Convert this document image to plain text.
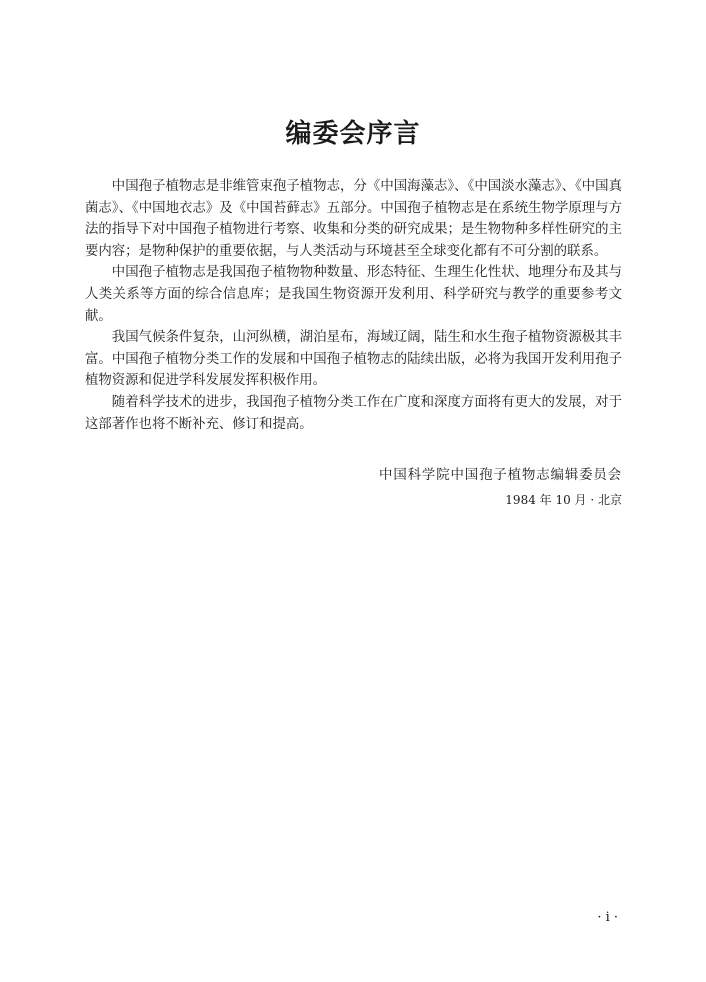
编委会序言

中国孢子植物志是非维管束孢子植物志，分《中国海藻志》、《中国淡水藻志》、《中国真菌志》、《中国地衣志》及《中国苔藓志》五部分。中国孢子植物志是在系统生物学原理与方法的指导下对中国孢子植物进行考察、收集和分类的研究成果；是生物物种多样性研究的主要内容；是物种保护的重要依据，与人类活动与环境甚至全球变化都有不可分割的联系。

中国孢子植物志是我国孢子植物物种数量、形态特征、生理生化性状、地理分布及其与人类关系等方面的综合信息库；是我国生物资源开发利用、科学研究与教学的重要参考文献。

我国气候条件复杂，山河纵横，湖泊星布，海域辽阔，陆生和水生孢子植物资源极其丰富。中国孢子植物分类工作的发展和中国孢子植物志的陆续出版，必将为我国开发利用孢子植物资源和促进学科发展发挥积极作用。

随着科学技术的进步，我国孢子植物分类工作在广度和深度方面将有更大的发展，对于这部著作也将不断补充、修订和提高。

中国科学院中国孢子植物志编辑委员会
1984 年 10 月 · 北京
· i ·
